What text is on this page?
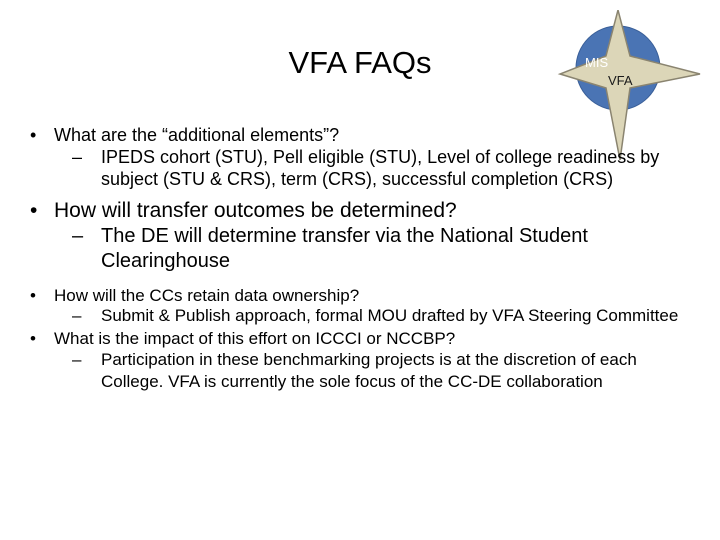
VFA FAQs	MIS
VFA

• What are the “additional elements”?

– IPEDS cohort (STU), Pell eligible (STU), Level of college readiness by subject (STU & CRS), term (CRS), successful completion (CRS)

• How will transfer outcomes be determined?

– The DE will determine transfer via the National Student Clearinghouse

• How will the CCs retain data ownership?

– Submit & Publish approach, formal MOU drafted by VFA Steering Committee

• What is the impact of this effort on ICCCI or NCCBP?

– Participation in these benchmarking projects is at the discretion of each College. VFA is currently the sole focus of the CC-DE collaboration
